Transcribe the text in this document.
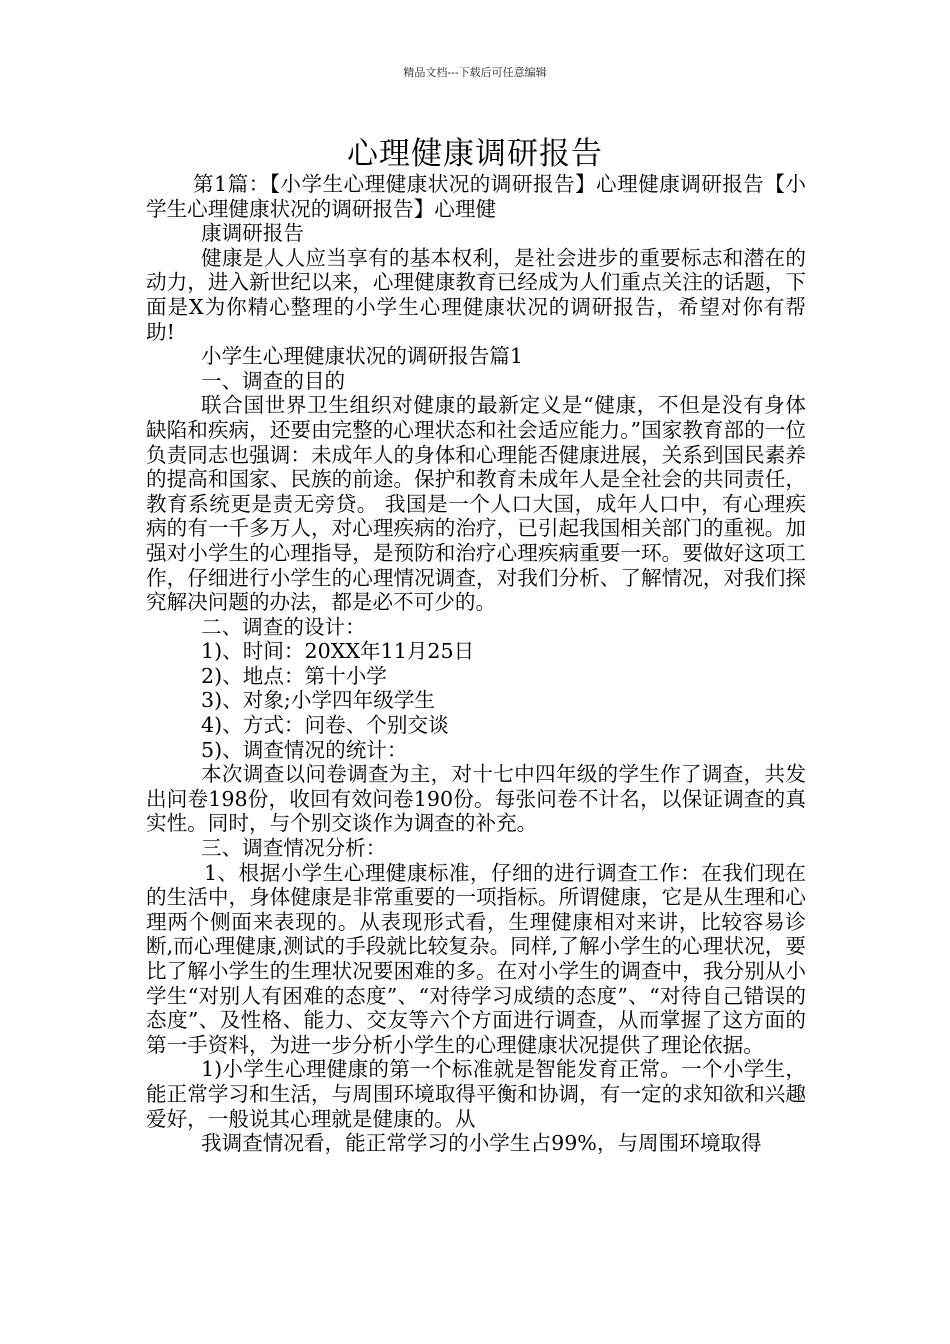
精品文档---下载后可任意编辑
心理健康调研报告

第1篇：【小学生心理健康状况的调研报告】心理健康调研报告【小学生心理健康状况的调研报告】心理健

康调研报告

健康是人人应当享有的基本权利，是社会进步的重要标志和潜在的动力，进入新世纪以来，心理健康教育已经成为人们重点关注的话题，下面是X为你精心整理的小学生心理健康状况的调研报告，希望对你有帮助!

小学生心理健康状况的调研报告篇1

一、调查的目的

联合国世界卫生组织对健康的最新定义是“健康，不但是没有身体缺陷和疾病，还要由完整的心理状态和社会适应能力。”国家教育部的一位负责同志也强调：未成年人的身体和心理能否健康进展，关系到国民素养的提高和国家、民族的前途。保护和教育未成年人是全社会的共同责任，教育系统更是责无旁贷。 我国是一个人口大国，成年人口中，有心理疾病的有一千多万人，对心理疾病的治疗，已引起我国相关部门的重视。加强对小学生的心理指导，是预防和治疗心理疾病重要一环。要做好这项工作，仔细进行小学生的心理情况调查，对我们分析、了解情况，对我们探究解决问题的办法，都是必不可少的。

二、调查的设计：

1)、时间：20XX年11月25日

2)、地点：第十小学

3)、对象;小学四年级学生

4)、方式：问卷、个别交谈

5)、调查情况的统计：

本次调查以问卷调查为主，对十七中四年级的学生作了调查，共发出问卷198份，收回有效问卷190份。每张问卷不计名，以保证调查的真实性。同时，与个别交谈作为调查的补充。

三、调查情况分析：

1、根据小学生心理健康标准，仔细的进行调查工作：在我们现在的生活中，身体健康是非常重要的一项指标。所谓健康，它是从生理和心理两个侧面来表现的。从表现形式看，生理健康相对来讲，比较容易诊断,而心理健康,测试的手段就比较复杂。同样,了解小学生的心理状况，要比了解小学生的生理状况要困难的多。在对小学生的调查中，我分别从小学生“对别人有困难的态度”、“对待学习成绩的态度”、“对待自己错误的态度”、及性格、能力、交友等六个方面进行调查，从而掌握了这方面的第一手资料，为进一步分析小学生的心理健康状况提供了理论依据。

1)小学生心理健康的第一个标准就是智能发育正常。一个小学生，能正常学习和生活，与周围环境取得平衡和协调，有一定的求知欲和兴趣爱好，一般说其心理就是健康的。从

我调查情况看，能正常学习的小学生占99%，与周围环境取得
